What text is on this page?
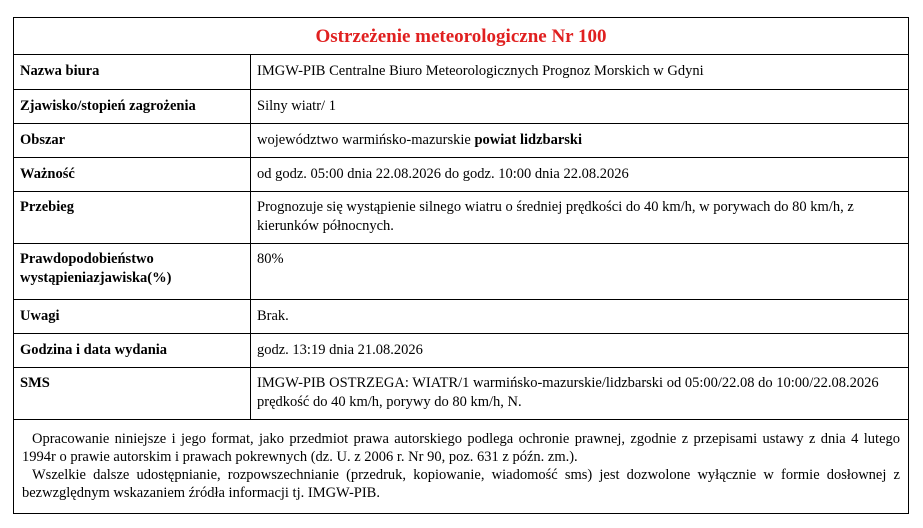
Ostrzeżenie meteorologiczne Nr 100
Nazwa biura	IMGW-PIB Centralne Biuro Meteorologicznych Prognoz Morskich w Gdyni
Zjawisko/stopień zagrożenia	Silny wiatr/ 1
Obszar	województwo warmińsko-mazurskie powiat lidzbarski
Ważność	od godz. 05:00 dnia 22.08.2026 do godz. 10:00 dnia 22.08.2026
Przebieg	Prognozuje się wystąpienie silnego wiatru o średniej prędkości do 40 km/h, w porywach do 80 km/h, z kierunków północnych.
Prawdopodobieństwo wystąpieniazjawiska(%)	80%
Uwagi	Brak.
Godzina i data wydania	godz. 13:19 dnia 21.08.2026
SMS	IMGW-PIB OSTRZEGA: WIATR/1 warmińsko-mazurskie/lidzbarski od 05:00/22.08 do 10:00/22.08.2026 prędkość do 40 km/h, porywy do 80 km/h, N.

Opracowanie niniejsze i jego format, jako przedmiot prawa autorskiego podlega ochronie prawnej, zgodnie z przepisami ustawy z dnia 4 lutego 1994r o prawie autorskim i prawach pokrewnych (dz. U. z 2006 r. Nr 90, poz. 631 z późn. zm.).

Wszelkie dalsze udostępnianie, rozpowszechnianie (przedruk, kopiowanie, wiadomość sms) jest dozwolone wyłącznie w formie dosłownej z bezwzględnym wskazaniem źródła informacji tj. IMGW-PIB.
